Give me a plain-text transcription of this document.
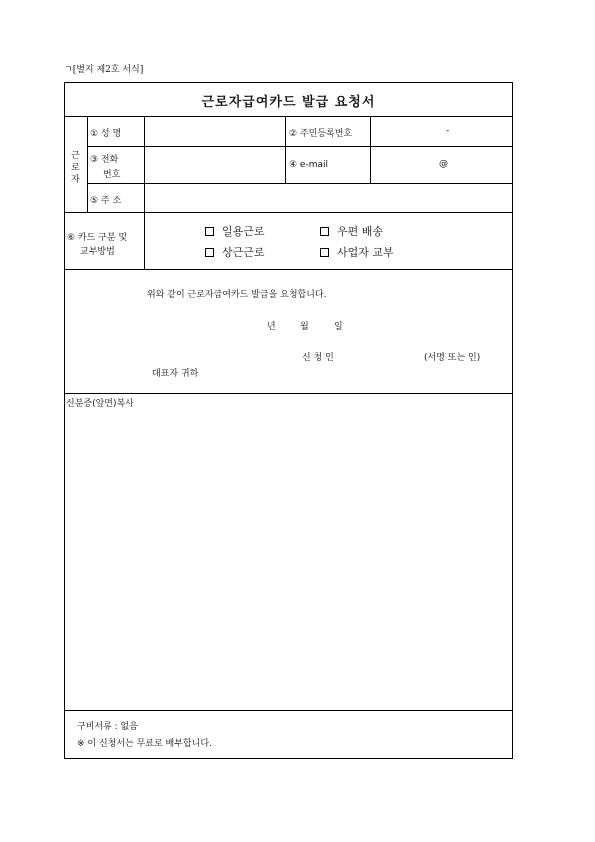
ㄱ[별지 제2호 서식]
근로자급여카드 발급 요청서
근
로
자
① 성 명	② 주민등록번호	-
③ 전화
번호
④ e-mail	@
⑤ 주 소
⑥ 카드 구분 및
교부방법
일용근로	우편 배송
상근근로	사업자 교부
위와 같이 근로자급여카드 발급을 요청합니다.
년	월	일
신 청 인	(서명 또는 인)
대표자 귀하
신분증(앞면)복사
구비서류 : 없음
※ 이 신청서는 무료로 배부합니다.
